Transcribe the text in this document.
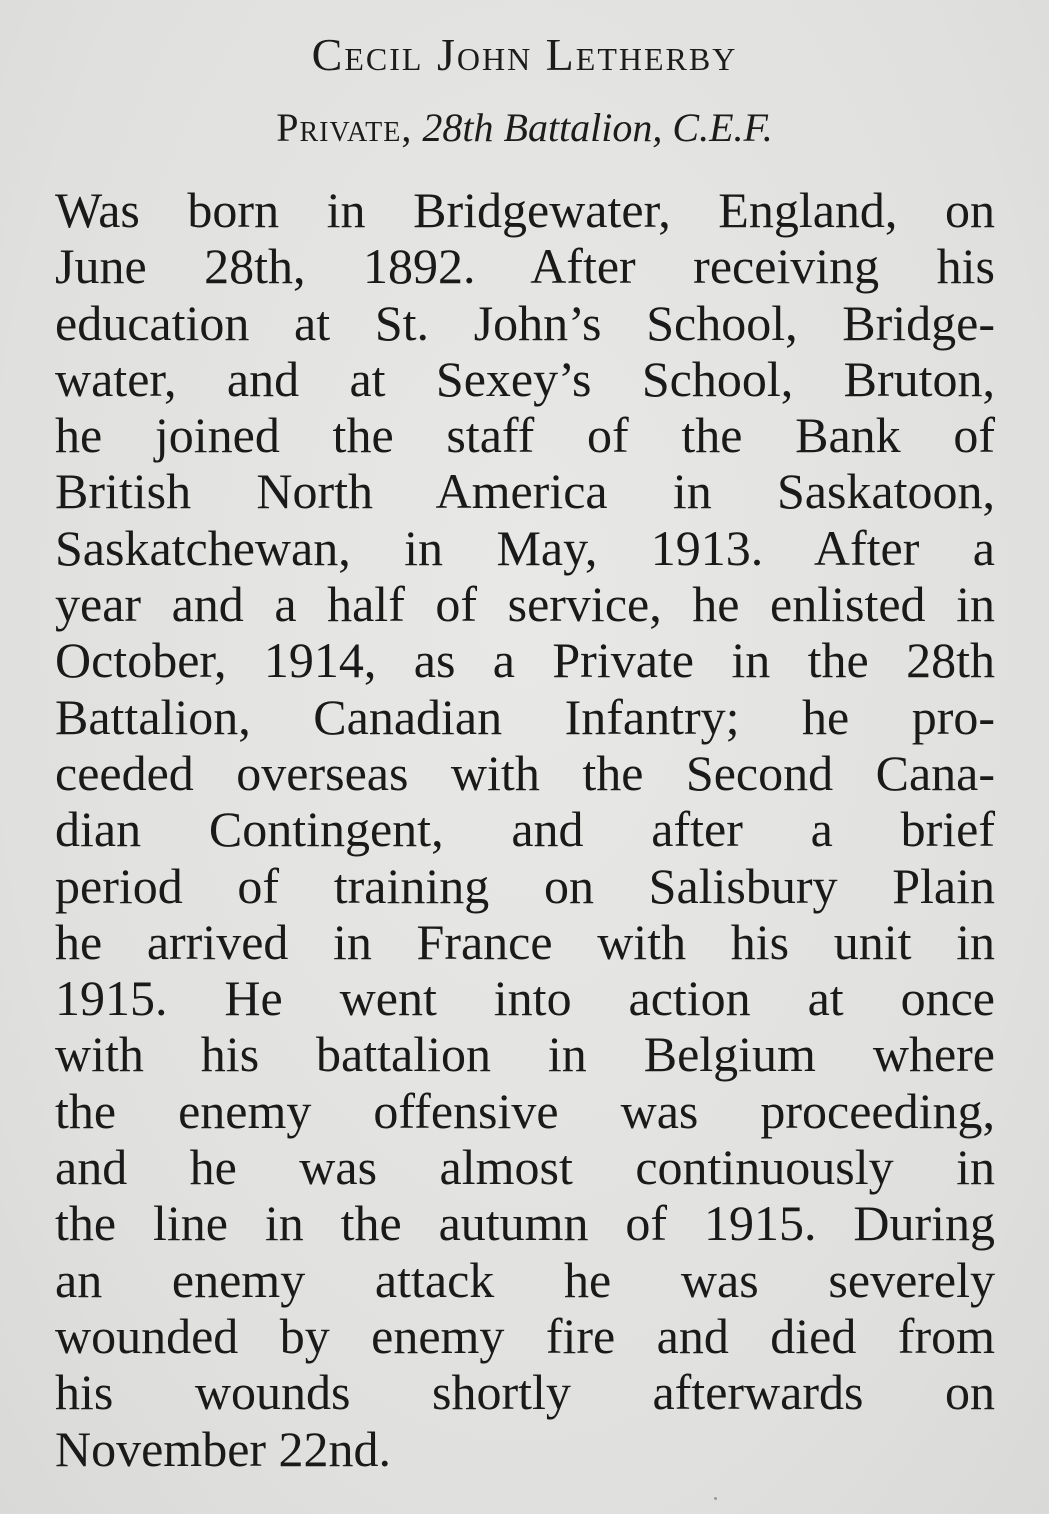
Cecil John Letherby
Private, 28th Battalion, C.E.F.
Was born in Bridgewater, England, on
June 28th, 1892. After receiving his
education at St. John’s School, Bridge-
water, and at Sexey’s School, Bruton,
he joined the staff of the Bank of
British North America in Saskatoon,
Saskatchewan, in May, 1913. After a
year and a half of service, he enlisted in
October, 1914, as a Private in the 28th
Battalion, Canadian Infantry; he pro-
ceeded overseas with the Second Cana-
dian Contingent, and after a brief
period of training on Salisbury Plain
he arrived in France with his unit in
1915. He went into action at once
with his battalion in Belgium where
the enemy offensive was proceeding,
and he was almost continuously in
the line in the autumn of 1915. During
an enemy attack he was severely
wounded by enemy fire and died from
his wounds shortly afterwards on
November 22nd.
